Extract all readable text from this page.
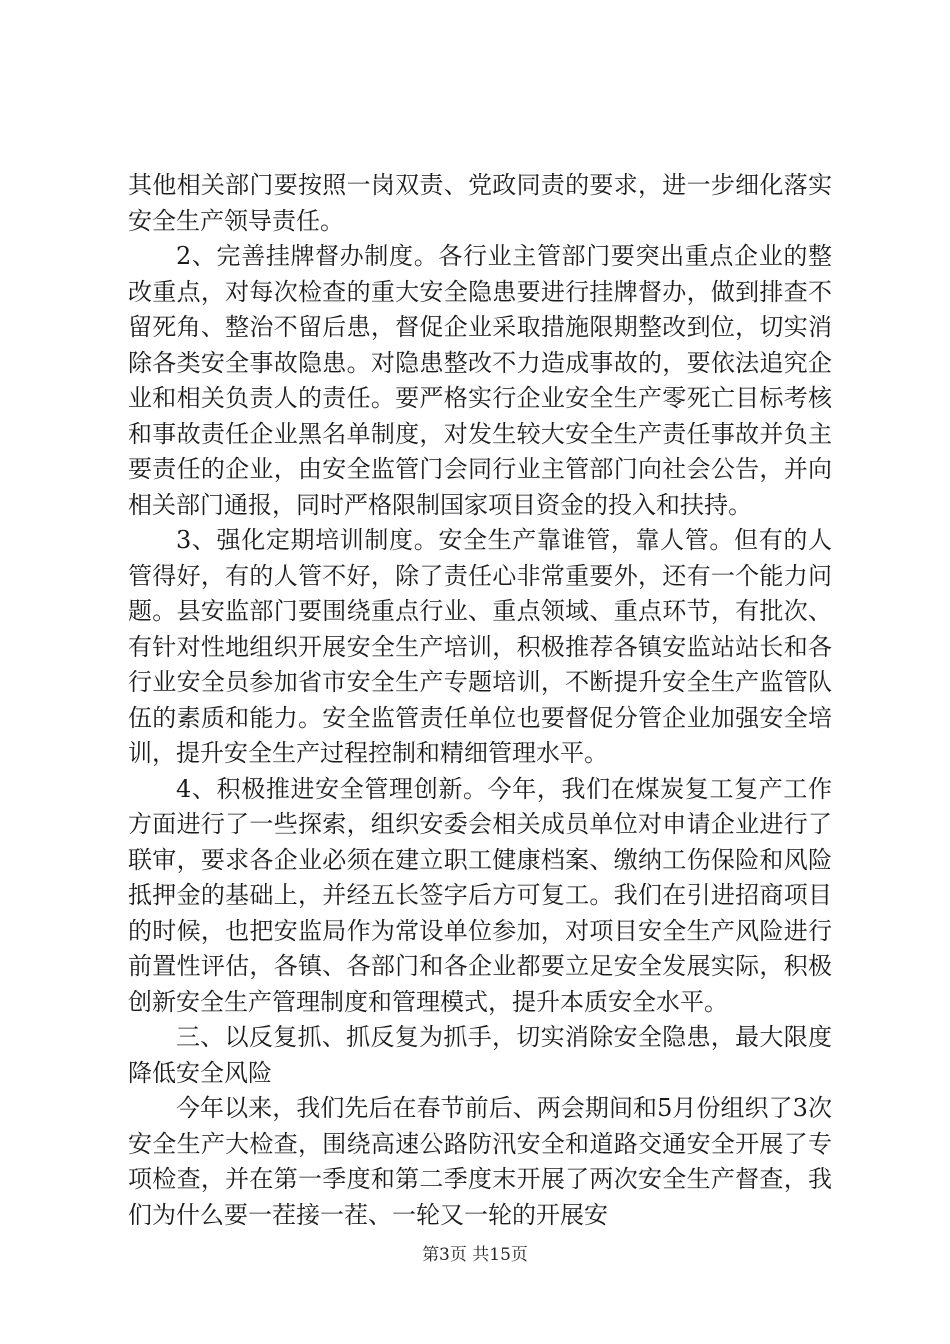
其他相关部门要按照一岗双责、党政同责的要求，进一步细化落实安全生产领导责任。

2、完善挂牌督办制度。各行业主管部门要突出重点企业的整改重点，对每次检查的重大安全隐患要进行挂牌督办，做到排查不留死角、整治不留后患，督促企业采取措施限期整改到位，切实消除各类安全事故隐患。对隐患整改不力造成事故的，要依法追究企业和相关负责人的责任。要严格实行企业安全生产零死亡目标考核和事故责任企业黑名单制度，对发生较大安全生产责任事故并负主要责任的企业，由安全监管门会同行业主管部门向社会公告，并向相关部门通报，同时严格限制国家项目资金的投入和扶持。

3、强化定期培训制度。安全生产靠谁管，靠人管。但有的人管得好，有的人管不好，除了责任心非常重要外，还有一个能力问题。县安监部门要围绕重点行业、重点领域、重点环节，有批次、有针对性地组织开展安全生产培训，积极推荐各镇安监站站长和各行业安全员参加省市安全生产专题培训，不断提升安全生产监管队伍的素质和能力。安全监管责任单位也要督促分管企业加强安全培训，提升安全生产过程控制和精细管理水平。

4、积极推进安全管理创新。今年，我们在煤炭复工复产工作方面进行了一些探索，组织安委会相关成员单位对申请企业进行了联审，要求各企业必须在建立职工健康档案、缴纳工伤保险和风险抵押金的基础上，并经五长签字后方可复工。我们在引进招商项目的时候，也把安监局作为常设单位参加，对项目安全生产风险进行前置性评估，各镇、各部门和各企业都要立足安全发展实际，积极创新安全生产管理制度和管理模式，提升本质安全水平。

三、以反复抓、抓反复为抓手，切实消除安全隐患，最大限度降低安全风险

今年以来，我们先后在春节前后、两会期间和5月份组织了3次安全生产大检查，围绕高速公路防汛安全和道路交通安全开展了专项检查，并在第一季度和第二季度末开展了两次安全生产督查，我们为什么要一茬接一茬、一轮又一轮的开展安

第3页 共15页
